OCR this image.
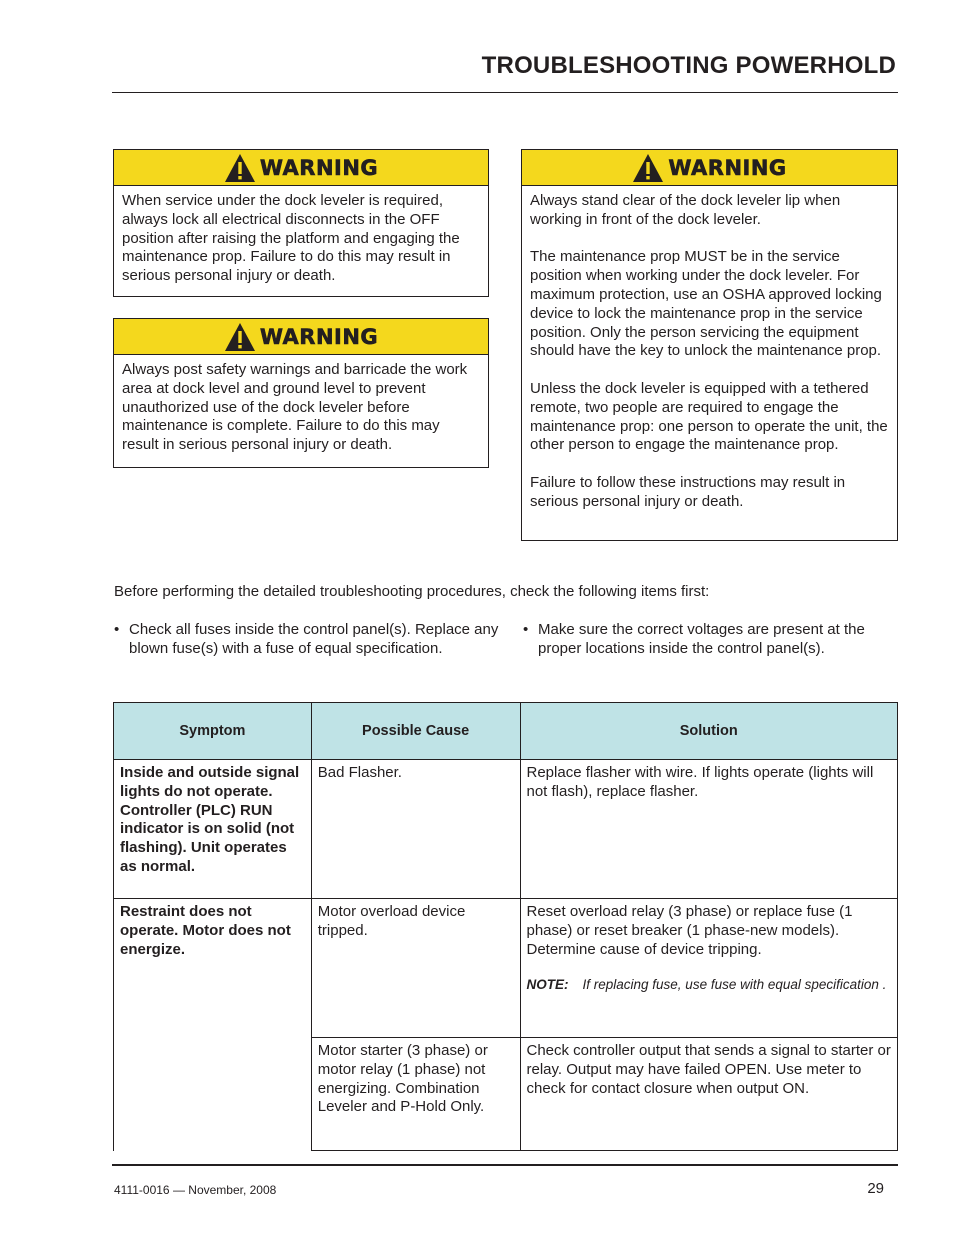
TROUBLESHOOTING POWERHOLD
WARNING

When service under the dock leveler is required, always lock all electrical disconnects in the OFF position after raising the platform and engaging the maintenance prop. Failure to do this may result in serious personal injury or death.

WARNING

Always post safety warnings and barricade the work area at dock level and ground level to prevent unauthorized use of the dock leveler before maintenance is complete. Failure to do this may result in serious personal injury or death.

WARNING

Always stand clear of the dock leveler lip when working in front of the dock leveler.

The maintenance prop MUST be in the service position when working under the dock leveler. For maximum protection, use an OSHA approved locking device to lock the maintenance prop in the service position. Only the person servicing the equipment should have the key to unlock the maintenance prop.

Unless the dock leveler is equipped with a tethered remote, two people are required to engage the maintenance prop: one person to operate the unit, the other person to engage the maintenance prop.

Failure to follow these instructions may result in serious personal injury or death.

Before performing the detailed troubleshooting procedures, check the following items first:

• Check all fuses inside the control panel(s). Replace any blown fuse(s) with a fuse of equal specification.
• Make sure the correct voltages are present at the proper locations inside the control panel(s).
Symptom	Possible Cause	Solution
Inside and outside signal lights do not operate. Controller (PLC) RUN indicator is on solid (not flashing). Unit operates as normal.	Bad Flasher.	Replace flasher with wire. If lights operate (lights will not flash), replace flasher.
Restraint does not operate. Motor does not energize.	Motor overload device tripped.	Reset overload relay (3 phase) or replace fuse (1 phase) or reset breaker (1 phase-new models). Determine cause of device tripping.
NOTE: If replacing fuse, use fuse with equal specification .

	Motor starter (3 phase) or motor relay (1 phase) not energizing. Combination Leveler and P-Hold Only.	Check controller output that sends a signal to starter or relay. Output may have failed OPEN. Use meter to check for contact closure when output ON.

4111-0016 — November, 2008	29
